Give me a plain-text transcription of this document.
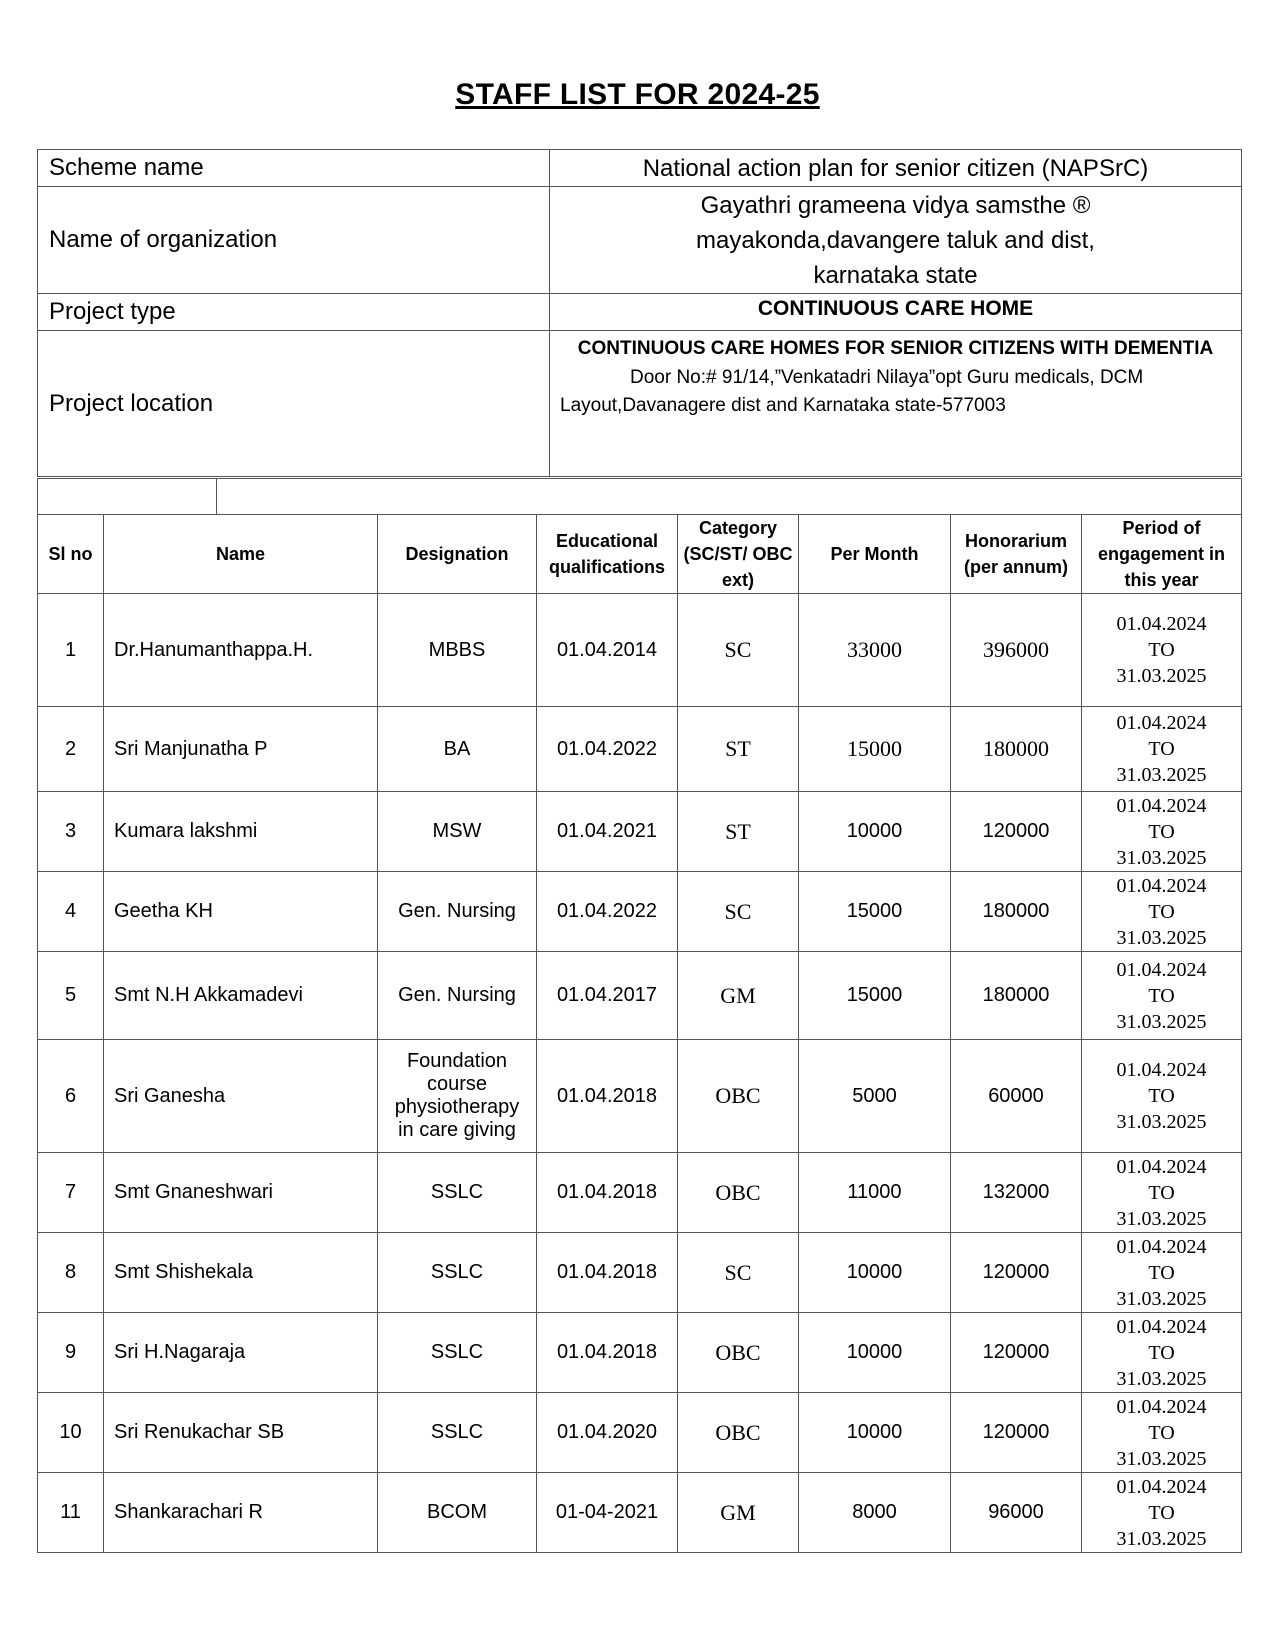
STAFF LIST FOR 2024-25
Scheme name	National action plan for senior citizen (NAPSrC)
Name of organization	Gayathri grameena vidya samsthe ®
mayakonda,davangere taluk and dist,
karnataka state

Project type	CONTINUOUS CARE HOME
Project location	CONTINUOUS CARE HOMES FOR SENIOR CITIZENS WITH DEMENTIA
Door No:# 91/14,”Venkatadri Nilaya”opt Guru medicals, DCM Layout,Davanagere dist and Karnataka state-577003

Sl no	Name	Designation	Educational qualifications	Category (SC/ST/ OBC ext)	Per Month	Honorarium (per annum)	Period of engagement in this year
1	Dr.Hanumanthappa.H.	MBBS	01.04.2014	SC	33000	396000	01.04.2024
TO
31.03.2025

2	Sri Manjunatha P	BA	01.04.2022	ST	15000	180000	01.04.2024
TO
31.03.2025

3	Kumara lakshmi	MSW	01.04.2021	ST	10000	120000	01.04.2024
TO
31.03.2025

4	Geetha KH	Gen. Nursing	01.04.2022	SC	15000	180000	01.04.2024
TO
31.03.2025

5	Smt N.H Akkamadevi	Gen. Nursing	01.04.2017	GM	15000	180000	01.04.2024
TO
31.03.2025

6	Sri Ganesha	Foundation course physiotherapy in care giving	01.04.2018	OBC	5000	60000	01.04.2024
TO
31.03.2025

7	Smt Gnaneshwari	SSLC	01.04.2018	OBC	11000	132000	01.04.2024
TO
31.03.2025

8	Smt Shishekala	SSLC	01.04.2018	SC	10000	120000	01.04.2024
TO
31.03.2025

9	Sri H.Nagaraja	SSLC	01.04.2018	OBC	10000	120000	01.04.2024
TO
31.03.2025

10	Sri Renukachar SB	SSLC	01.04.2020	OBC	10000	120000	01.04.2024
TO
31.03.2025

11	Shankarachari R	BCOM	01-04-2021	GM	8000	96000	01.04.2024
TO
31.03.2025
